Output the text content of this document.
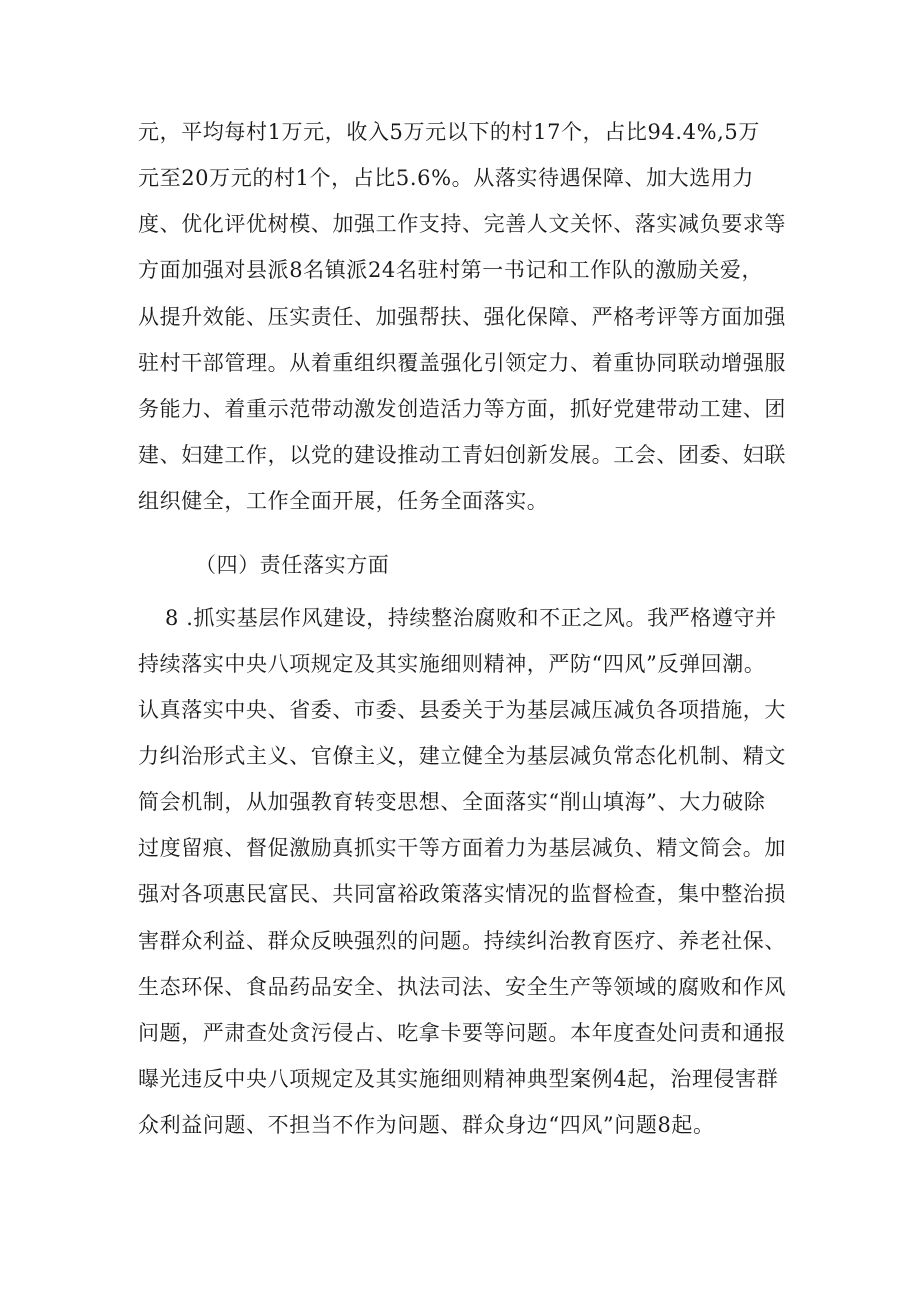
元，平均每村1万元，收入5万元以下的村17个，占比94.4%,5万
元至20万元的村1个，占比5.6%。从落实待遇保障、加大选用力
度、优化评优树模、加强工作支持、完善人文关怀、落实减负要求等
方面加强对县派8名镇派24名驻村第一书记和工作队的激励关爱，
从提升效能、压实责任、加强帮扶、强化保障、严格考评等方面加强
驻村干部管理。从着重组织覆盖强化引领定力、着重协同联动增强服
务能力、着重示范带动激发创造活力等方面，抓好党建带动工建、团
建、妇建工作，以党的建设推动工青妇创新发展。工会、团委、妇联
组织健全，工作全面开展，任务全面落实。
（四）责任落实方面
8 .抓实基层作风建设，持续整治腐败和不正之风。我严格遵守并
持续落实中央八项规定及其实施细则精神，严防“四风”反弹回潮。
认真落实中央、省委、市委、县委关于为基层减压减负各项措施，大
力纠治形式主义、官僚主义，建立健全为基层减负常态化机制、精文
简会机制，从加强教育转变思想、全面落实“削山填海”、大力破除
过度留痕、督促激励真抓实干等方面着力为基层减负、精文简会。加
强对各项惠民富民、共同富裕政策落实情况的监督检查，集中整治损
害群众利益、群众反映强烈的问题。持续纠治教育医疗、养老社保、
生态环保、食品药品安全、执法司法、安全生产等领域的腐败和作风
问题，严肃查处贪污侵占、吃拿卡要等问题。本年度查处问责和通报
曝光违反中央八项规定及其实施细则精神典型案例4起，治理侵害群
众利益问题、不担当不作为问题、群众身边“四风”问题8起。
